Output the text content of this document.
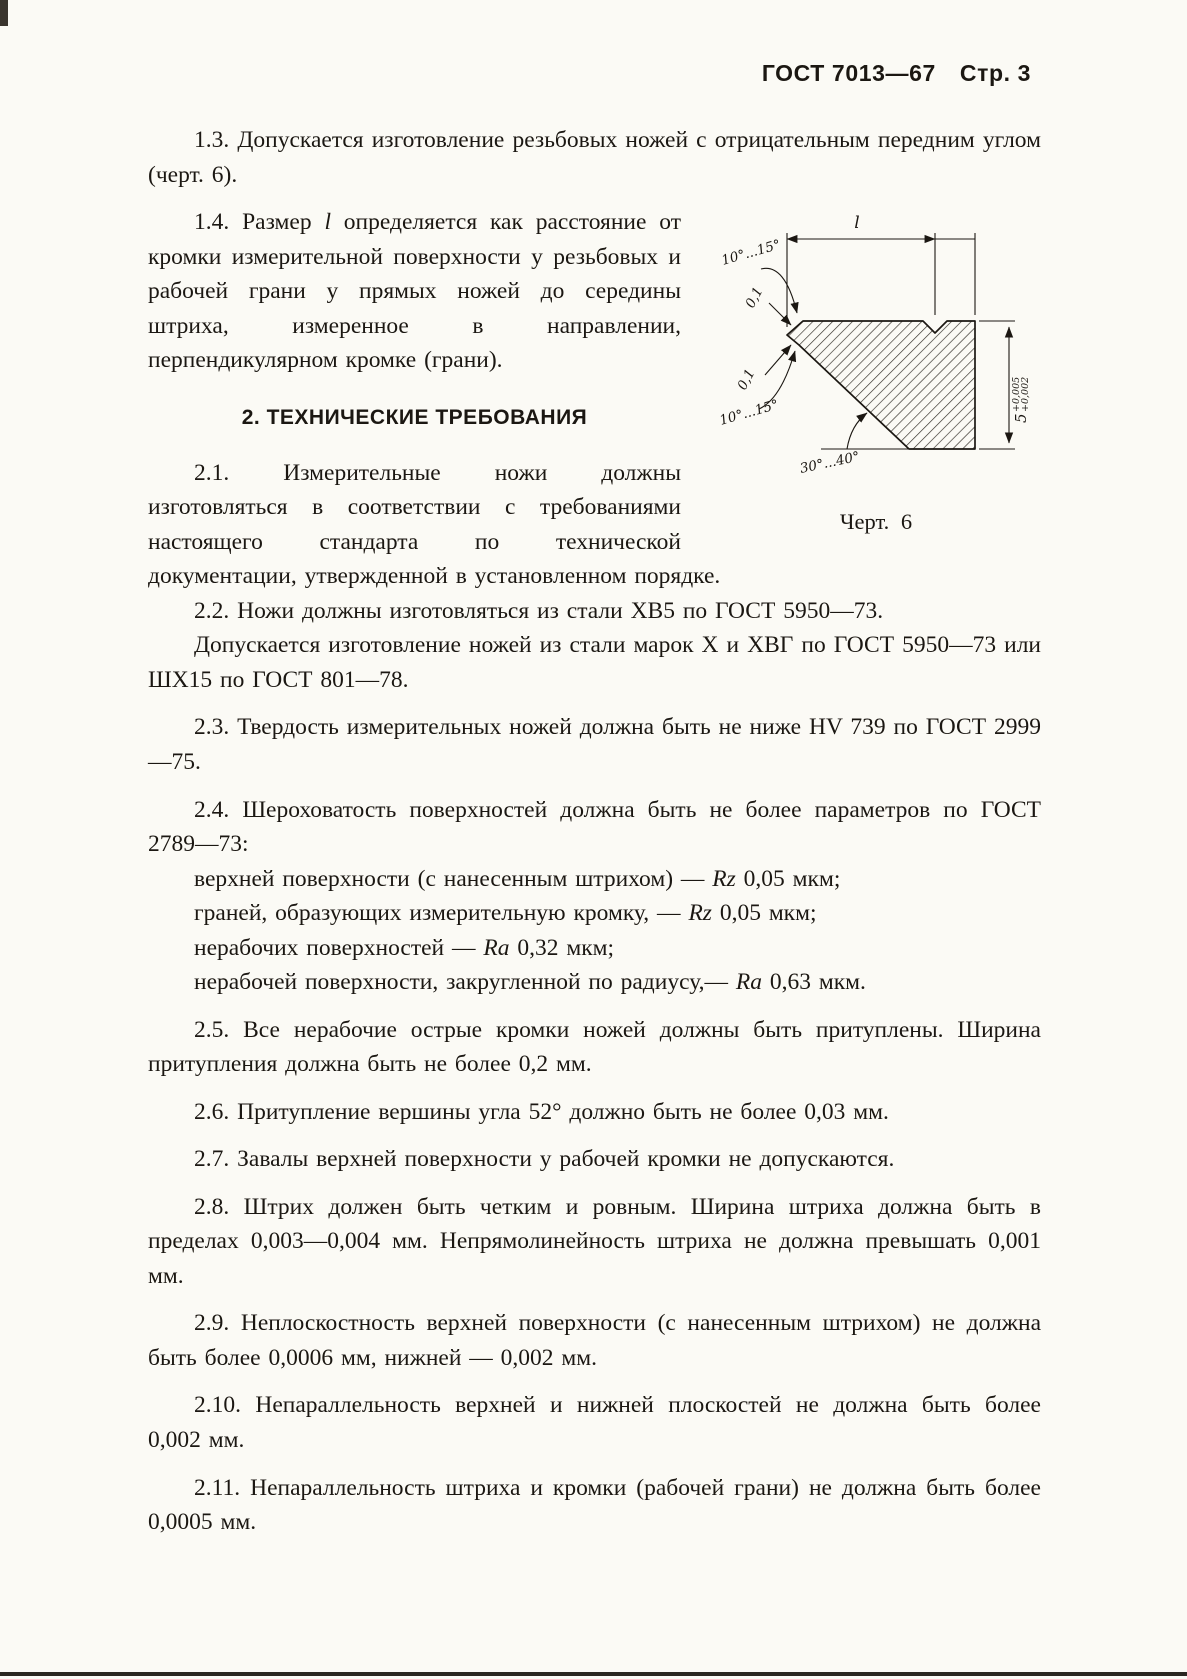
ГОСТ 7013—67 Стр. 3

1.3. Допускается изготовление резьбовых ножей с отрицательным передним углом (черт. 6).

l
10°...15°
0,1
0,1
10°...15°
30°...40°
5
+0,005
+0,002
Черт. 6

1.4. Размер l определяется как расстояние от кромки измерительной поверхности у резьбовых и рабочей грани у прямых ножей до середины штриха, измеренное в направлении, перпендикулярном кромке (грани).

2. ТЕХНИЧЕСКИЕ ТРЕБОВАНИЯ

2.1. Измерительные ножи должны изготовляться в соответствии с требованиями настоящего стандарта по технической документации, утвержденной в установленном порядке.

2.2. Ножи должны изготовляться из стали ХВ5 по ГОСТ 5950—73.

Допускается изготовление ножей из стали марок Х и ХВГ по ГОСТ 5950—73 или ШХ15 по ГОСТ 801—78.

2.3. Твердость измерительных ножей должна быть не ниже HV 739 по ГОСТ 2999—75.

2.4. Шероховатость поверхностей должна быть не более параметров по ГОСТ 2789—73:

верхней поверхности (с нанесенным штрихом) — Rz 0,05 мкм;

граней, образующих измерительную кромку, — Rz 0,05 мкм;

нерабочих поверхностей — Ra 0,32 мкм;

нерабочей поверхности, закругленной по радиусу,— Ra 0,63 мкм.

2.5. Все нерабочие острые кромки ножей должны быть притуплены. Ширина притупления должна быть не более 0,2 мм.

2.6. Притупление вершины угла 52° должно быть не более 0,03 мм.

2.7. Завалы верхней поверхности у рабочей кромки не допускаются.

2.8. Штрих должен быть четким и ровным. Ширина штриха должна быть в пределах 0,003—0,004 мм. Непрямолинейность штриха не должна превышать 0,001 мм.

2.9. Неплоскостность верхней поверхности (с нанесенным штрихом) не должна быть более 0,0006 мм, нижней — 0,002 мм.

2.10. Непараллельность верхней и нижней плоскостей не должна быть более 0,002 мм.

2.11. Непараллельность штриха и кромки (рабочей грани) не должна быть более 0,0005 мм.
